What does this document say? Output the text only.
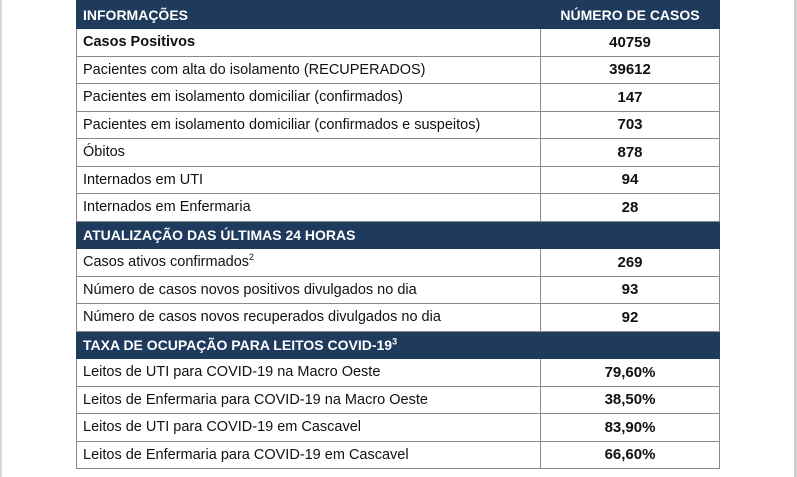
INFORMAÇÕES	NÚMERO DE CASOS
Casos Positivos	40759
Pacientes com alta do isolamento (RECUPERADOS)	39612
Pacientes em isolamento domiciliar (confirmados)	147
Pacientes em isolamento domiciliar (confirmados e suspeitos)	703
Óbitos	878
Internados em UTI	94
Internados em Enfermaria	28
ATUALIZAÇÃO DAS ÚLTIMAS 24 HORAS	
Casos ativos confirmados$^2$	269
Número de casos novos positivos divulgados no dia	93
Número de casos novos recuperados divulgados no dia	92
TAXA DE OCUPAÇÃO PARA LEITOS COVID-$19^3$	
Leitos de UTI para COVID-19 na Macro Oeste	79,60%
Leitos de Enfermaria para COVID-19 na Macro Oeste	38,50%
Leitos de UTI para COVID-19 em Cascavel	83,90%
Leitos de Enfermaria para COVID-19 em Cascavel	66,60%
